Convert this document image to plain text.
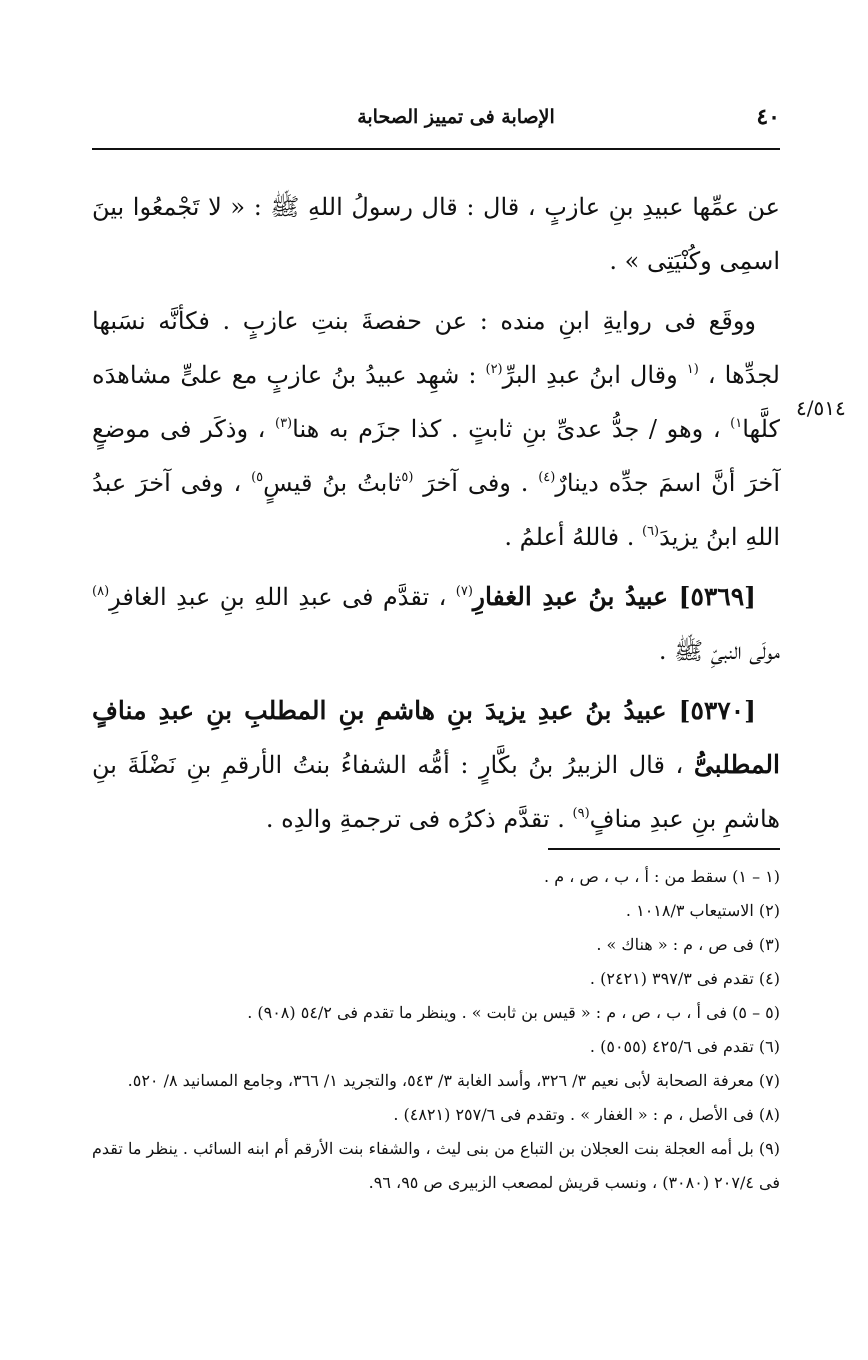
٤٠
الإصابة فى تمييز الصحابة
٤/٥١٤

عن عمِّها عبيدِ بنِ عازبٍ ، قال : قال رسولُ اللهِ ﷺ : « لا تَجْمعُوا بينَ اسمِى وكُنْيَتِى » .

ووقَع فى روايةِ ابنِ منده : عن حفصةَ بنتِ عازبٍ . فكأنَّه نسَبها لجدِّها ، $^{(١}$ وقال ابنُ عبدِ البرِّ$^{(٢)}$ : شهِد عبيدُ بنُ عازبٍ مع علىٍّ مشاهدَه كلَّها$^{١)}$ ، وهو / جدُّ عدىِّ بنِ ثابتٍ . كذا جزَم به هنا$^{(٣)}$ ، وذكَر فى موضعٍ آخرَ أنَّ اسمَ جدِّه دينارٌ$^{(٤)}$ . وفى آخرَ $^{(٥}$ثابتُ بنُ قيسٍ$^{٥)}$ ، وفى آخرَ عبدُ اللهِ ابنُ يزيدَ$^{(٦)}$ . فاللهُ أعلمُ .

[٥٣٦٩] عبيدُ بنُ عبدِ الغفارِ$^{(٧)}$ ، تقدَّم فى عبدِ اللهِ بنِ عبدِ الغافرِ$^{(٨)}$ مولَى النبىِّ ﷺ .

[٥٣٧٠] عبيدُ بنُ عبدِ يزيدَ بنِ هاشمِ بنِ المطلبِ بنِ عبدِ منافٍ المطلبىُّ ، قال الزبيرُ بنُ بكَّارٍ : أمُّه الشفاءُ بنتُ الأرقمِ بنِ نَضْلَةَ بنِ هاشمِ بنِ عبدِ منافٍ$^{(٩)}$ . تقدَّم ذكرُه فى ترجمةِ والدِه .

(١ – ١) سقط من : أ ، ب ، ص ، م .

(٢) الاستيعاب ١٠١٨/٣ .

(٣) فى ص ، م : « هناك » .

(٤) تقدم فى ٣٩٧/٣ (٢٤٢١) .

(٥ – ٥) فى أ ، ب ، ص ، م : « قيس بن ثابت » . وينظر ما تقدم فى ٥٤/٢ (٩٠٨) .

(٦) تقدم فى ٤٢٥/٦ (٥٠٥٥) .

(٧) معرفة الصحابة لأبى نعيم ٣/ ٣٢٦، وأسد الغابة ٣/ ٥٤٣، والتجريد ١/ ٣٦٦، وجامع المسانيد ٨/ ٥٢٠.

(٨) فى الأصل ، م : « الغفار » . وتقدم فى ٢٥٧/٦ (٤٨٢١) .

(٩) بل أمه العجلة بنت العجلان بن التباع من بنى ليث ، والشفاء بنت الأرقم أم ابنه السائب . ينظر ما تقدم فى ٢٠٧/٤ (٣٠٨٠) ، ونسب قريش لمصعب الزبيرى ص ٩٥، ٩٦.
